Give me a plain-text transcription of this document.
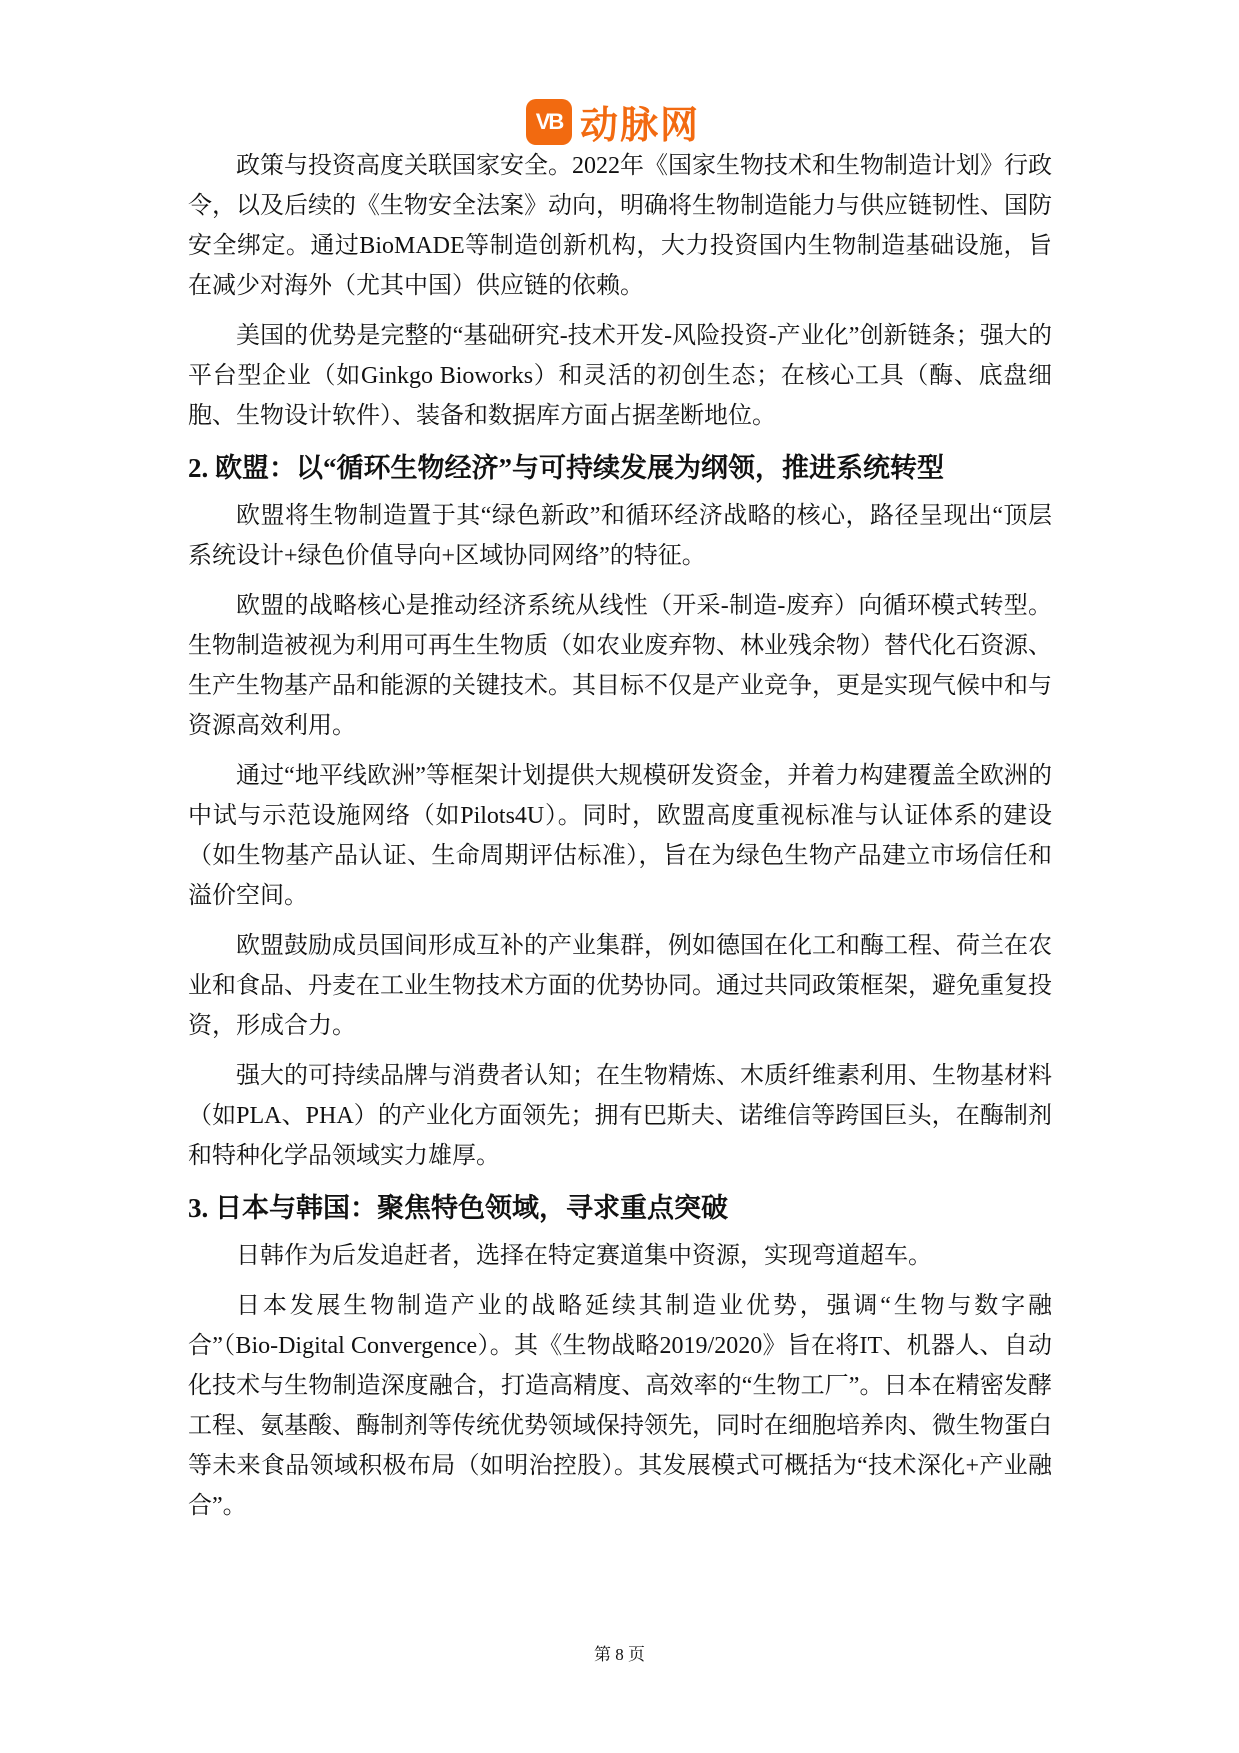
VB 动脉网

政策与投资高度关联国家安全。2022年《国家生物技术和生物制造计划》行政令，以及后续的《生物安全法案》动向，明确将生物制造能力与供应链韧性、国防安全绑定。通过BioMADE等制造创新机构，大力投资国内生物制造基础设施，旨在减少对海外（尤其中国）供应链的依赖。

美国的优势是完整的“基础研究-技术开发-风险投资-产业化”创新链条；强大的平台型企业（如Ginkgo Bioworks）和灵活的初创生态；在核心工具（酶、底盘细胞、生物设计软件）、装备和数据库方面占据垄断地位。

2. 欧盟：以“循环生物经济”与可持续发展为纲领，推进系统转型

欧盟将生物制造置于其“绿色新政”和循环经济战略的核心，路径呈现出“顶层系统设计+绿色价值导向+区域协同网络”的特征。

欧盟的战略核心是推动经济系统从线性（开采-制造-废弃）向循环模式转型。生物制造被视为利用可再生生物质（如农业废弃物、林业残余物）替代化石资源、生产生物基产品和能源的关键技术。其目标不仅是产业竞争，更是实现气候中和与资源高效利用。

通过“地平线欧洲”等框架计划提供大规模研发资金，并着力构建覆盖全欧洲的中试与示范设施网络（如Pilots4U）。同时，欧盟高度重视标准与认证体系的建设（如生物基产品认证、生命周期评估标准），旨在为绿色生物产品建立市场信任和溢价空间。

欧盟鼓励成员国间形成互补的产业集群，例如德国在化工和酶工程、荷兰在农业和食品、丹麦在工业生物技术方面的优势协同。通过共同政策框架，避免重复投资，形成合力。

强大的可持续品牌与消费者认知；在生物精炼、木质纤维素利用、生物基材料（如PLA、PHA）的产业化方面领先；拥有巴斯夫、诺维信等跨国巨头，在酶制剂和特种化学品领域实力雄厚。

3. 日本与韩国：聚焦特色领域，寻求重点突破

日韩作为后发追赶者，选择在特定赛道集中资源，实现弯道超车。

日本发展生物制造产业的战略延续其制造业优势，强调“生物与数字融合”（Bio-Digital Convergence）。其《生物战略2019/2020》旨在将IT、机器人、自动化技术与生物制造深度融合，打造高精度、高效率的“生物工厂”。日本在精密发酵工程、氨基酸、酶制剂等传统优势领域保持领先，同时在细胞培养肉、微生物蛋白等未来食品领域积极布局（如明治控股）。其发展模式可概括为“技术深化+产业融合”。

第 8 页
